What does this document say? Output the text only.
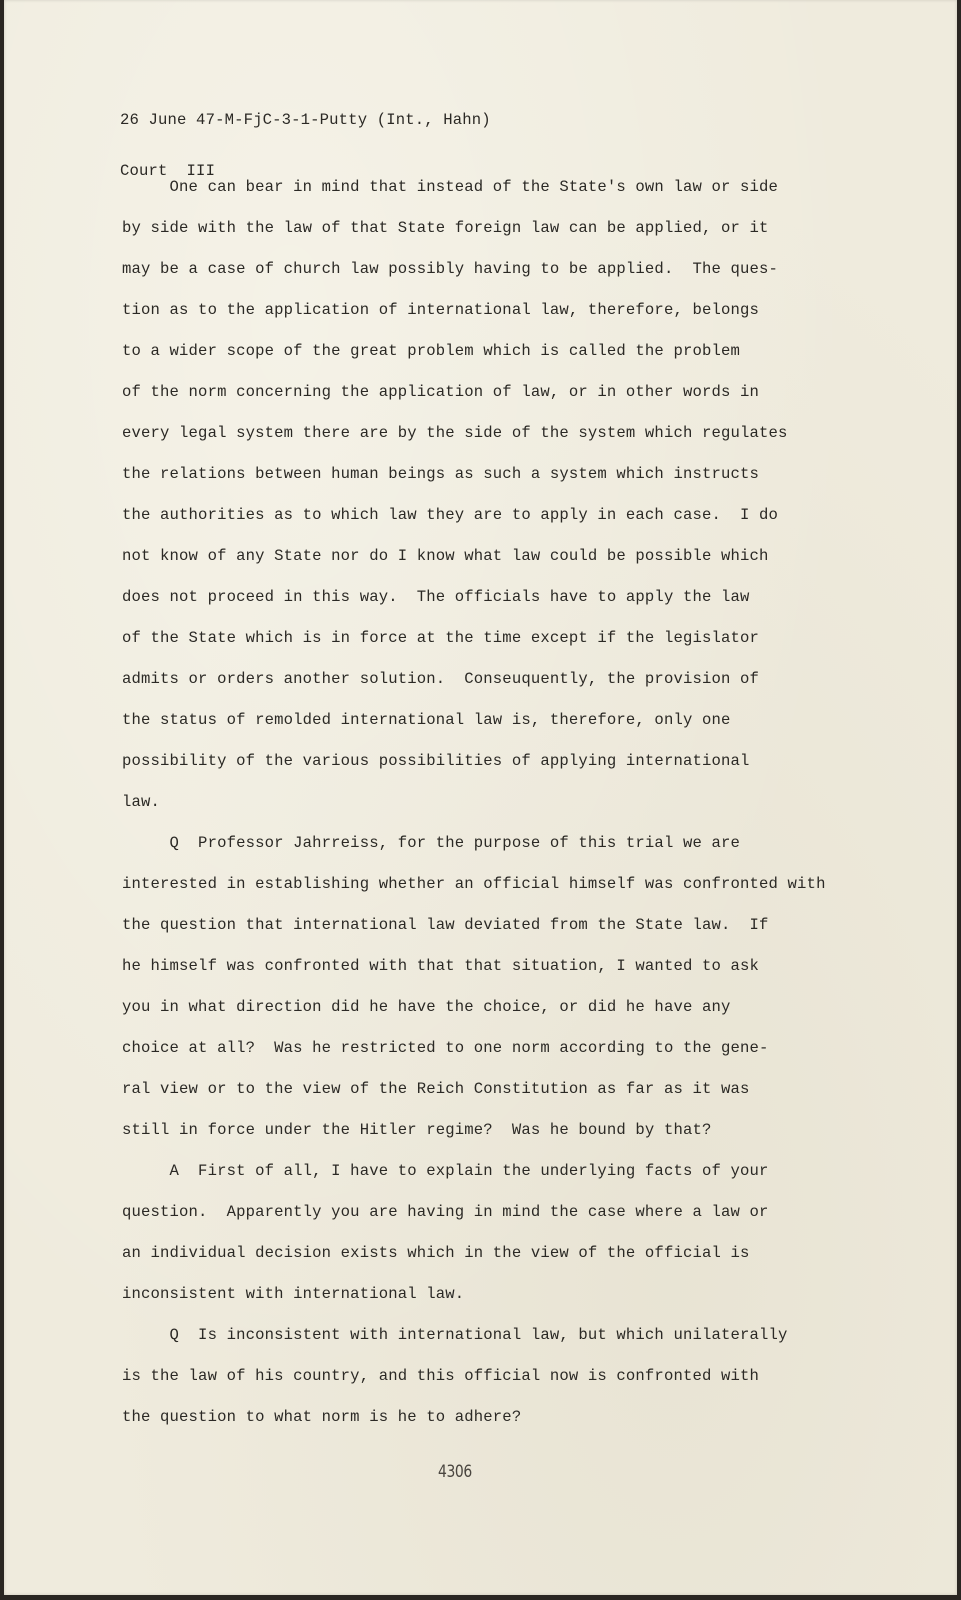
26 June 47-M-FjC-3-1-Putty (Int., Hahn)

Court  III

One can bear in mind that instead of the State's own law or side
by side with the law of that State foreign law can be applied, or it
may be a case of church law possibly having to be applied.  The ques-
tion as to the application of international law, therefore, belongs
to a wider scope of the great problem which is called the problem
of the norm concerning the application of law, or in other words in
every legal system there are by the side of the system which regulates
the relations between human beings as such a system which instructs
the authorities as to which law they are to apply in each case.  I do
not know of any State nor do I know what law could be possible which
does not proceed in this way.  The officials have to apply the law
of the State which is in force at the time except if the legislator
admits or orders another solution.  Conseuquently, the provision of
the status of remolded international law is, therefore, only one
possibility of the various possibilities of applying international
law.
Q  Professor Jahrreiss, for the purpose of this trial we are
interested in establishing whether an official himself was confronted with
the question that international law deviated from the State law.  If
he himself was confronted with that that situation, I wanted to ask
you in what direction did he have the choice, or did he have any
choice at all?  Was he restricted to one norm according to the gene-
ral view or to the view of the Reich Constitution as far as it was
still in force under the Hitler regime?  Was he bound by that?
A  First of all, I have to explain the underlying facts of your
question.  Apparently you are having in mind the case where a law or
an individual decision exists which in the view of the official is
inconsistent with international law.
Q  Is inconsistent with international law, but which unilaterally
is the law of his country, and this official now is confronted with
the question to what norm is he to adhere?
4306
